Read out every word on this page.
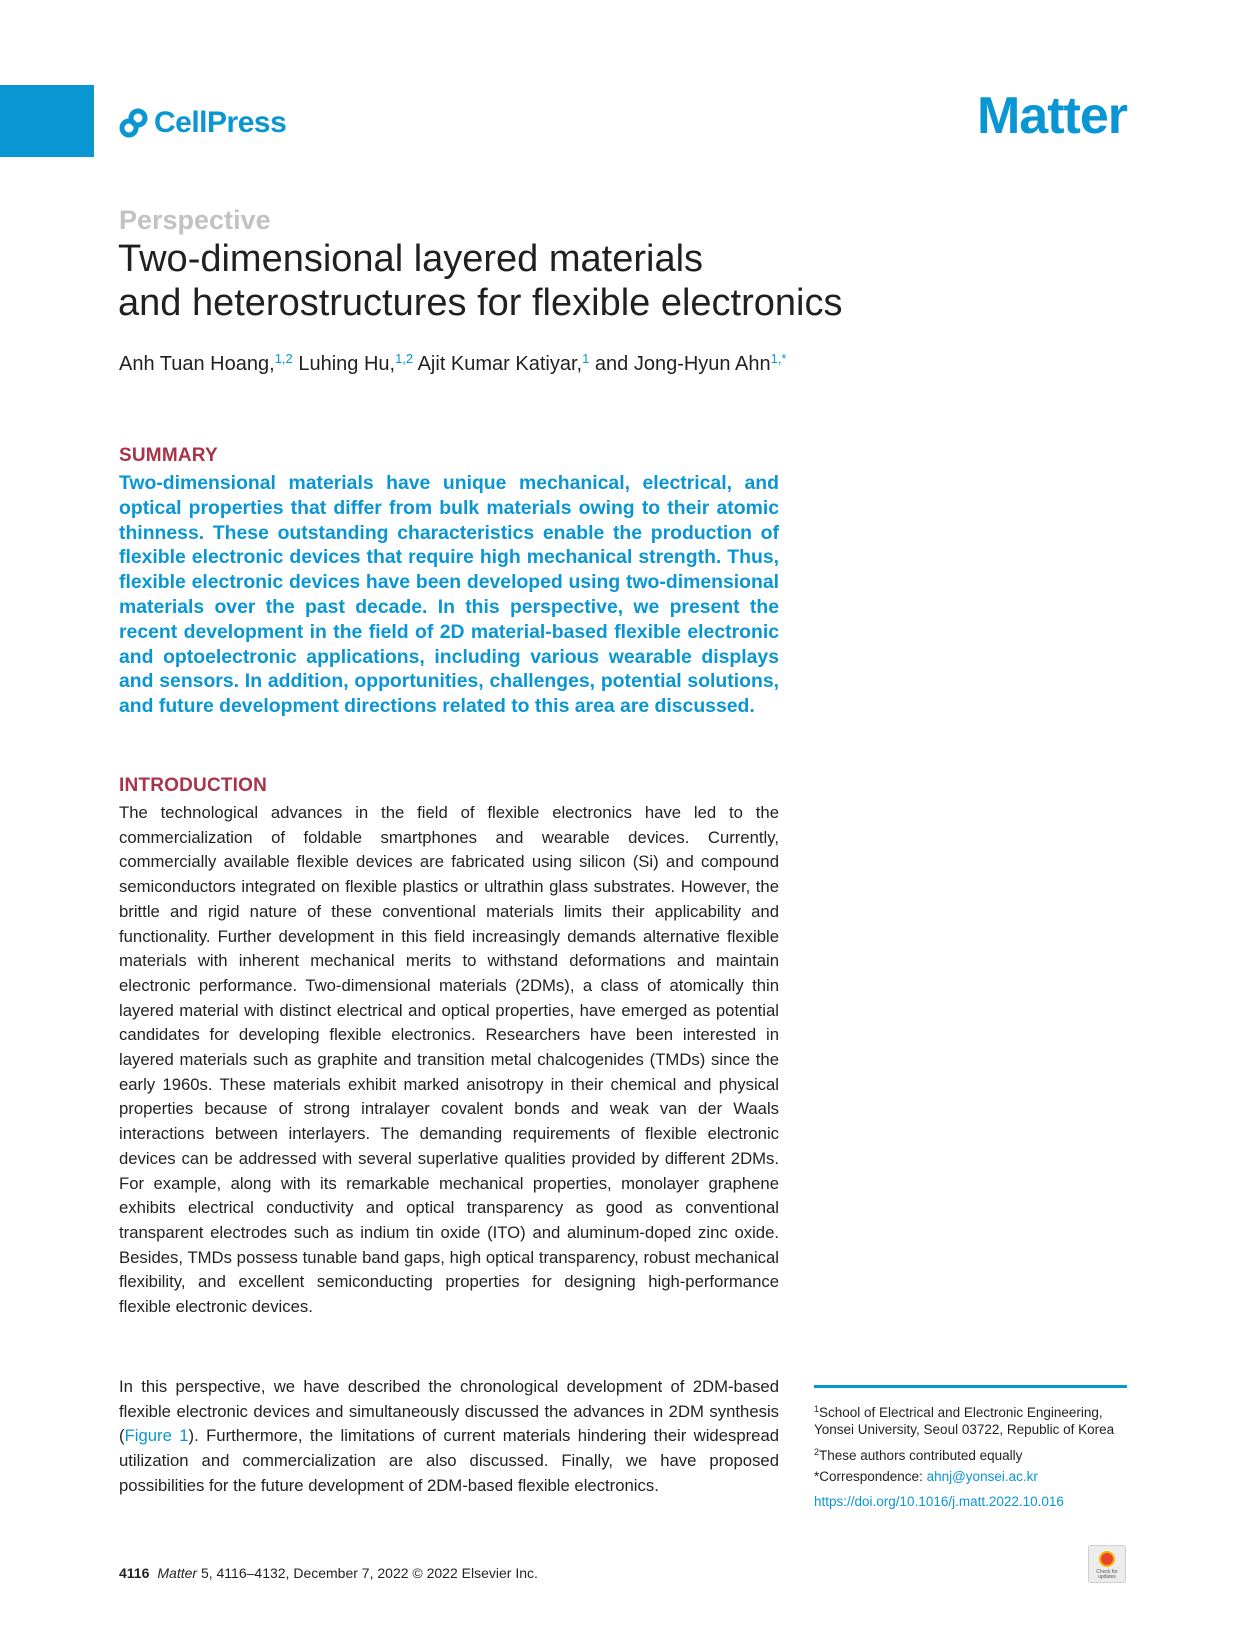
CellPress	Matter
Perspective
Two-dimensional layered materials
and heterostructures for flexible electronics
Anh Tuan Hoang,$^{1,2}$ Luhing Hu,$^{1,2}$ Ajit Kumar Katiyar,$^1$ and Jong-Hyun Ahn$^{1,*}$
SUMMARY

Two-dimensional materials have unique mechanical, electrical, and optical properties that differ from bulk materials owing to their atomic thinness. These outstanding characteristics enable the production of flexible electronic devices that require high mechanical strength. Thus, flexible electronic devices have been developed using two-dimensional materials over the past decade. In this perspective, we present the recent development in the field of 2D material-based flexible electronic and optoelectronic applications, including various wearable displays and sensors. In addition, opportunities, challenges, potential solutions, and future development directions related to this area are discussed.

INTRODUCTION

The technological advances in the field of flexible electronics have led to the commercialization of foldable smartphones and wearable devices. Currently, commercially available flexible devices are fabricated using silicon (Si) and compound semiconductors integrated on flexible plastics or ultrathin glass substrates. However, the brittle and rigid nature of these conventional materials limits their applicability and functionality. Further development in this field increasingly demands alternative flexible materials with inherent mechanical merits to withstand deformations and maintain electronic performance. Two-dimensional materials (2DMs), a class of atomically thin layered material with distinct electrical and optical properties, have emerged as potential candidates for developing flexible electronics. Researchers have been interested in layered materials such as graphite and transition metal chalcogenides (TMDs) since the early 1960s. These materials exhibit marked anisotropy in their chemical and physical properties because of strong intralayer covalent bonds and weak van der Waals interactions between interlayers. The demanding requirements of flexible electronic devices can be addressed with several superlative qualities provided by different 2DMs. For example, along with its remarkable mechanical properties, monolayer graphene exhibits electrical conductivity and optical transparency as good as conventional transparent electrodes such as indium tin oxide (ITO) and aluminum-doped zinc oxide. Besides, TMDs possess tunable band gaps, high optical transparency, robust mechanical flexibility, and excellent semiconducting properties for designing high-performance flexible electronic devices.

In this perspective, we have described the chronological development of 2DM-based flexible electronic devices and simultaneously discussed the advances in 2DM synthesis (Figure 1). Furthermore, the limitations of current materials hindering their widespread utilization and commercialization are also discussed. Finally, we have proposed possibilities for the future development of 2DM-based flexible electronics.

$^1$School of Electrical and Electronic Engineering, Yonsei University, Seoul 03722, Republic of Korea

$^2$These authors contributed equally

*Correspondence: ahnj@yonsei.ac.kr

https://doi.org/10.1016/j.matt.2022.10.016

4116 Matter 5, 4116–4132, December 7, 2022 © 2022 Elsevier Inc.	Check for updates
